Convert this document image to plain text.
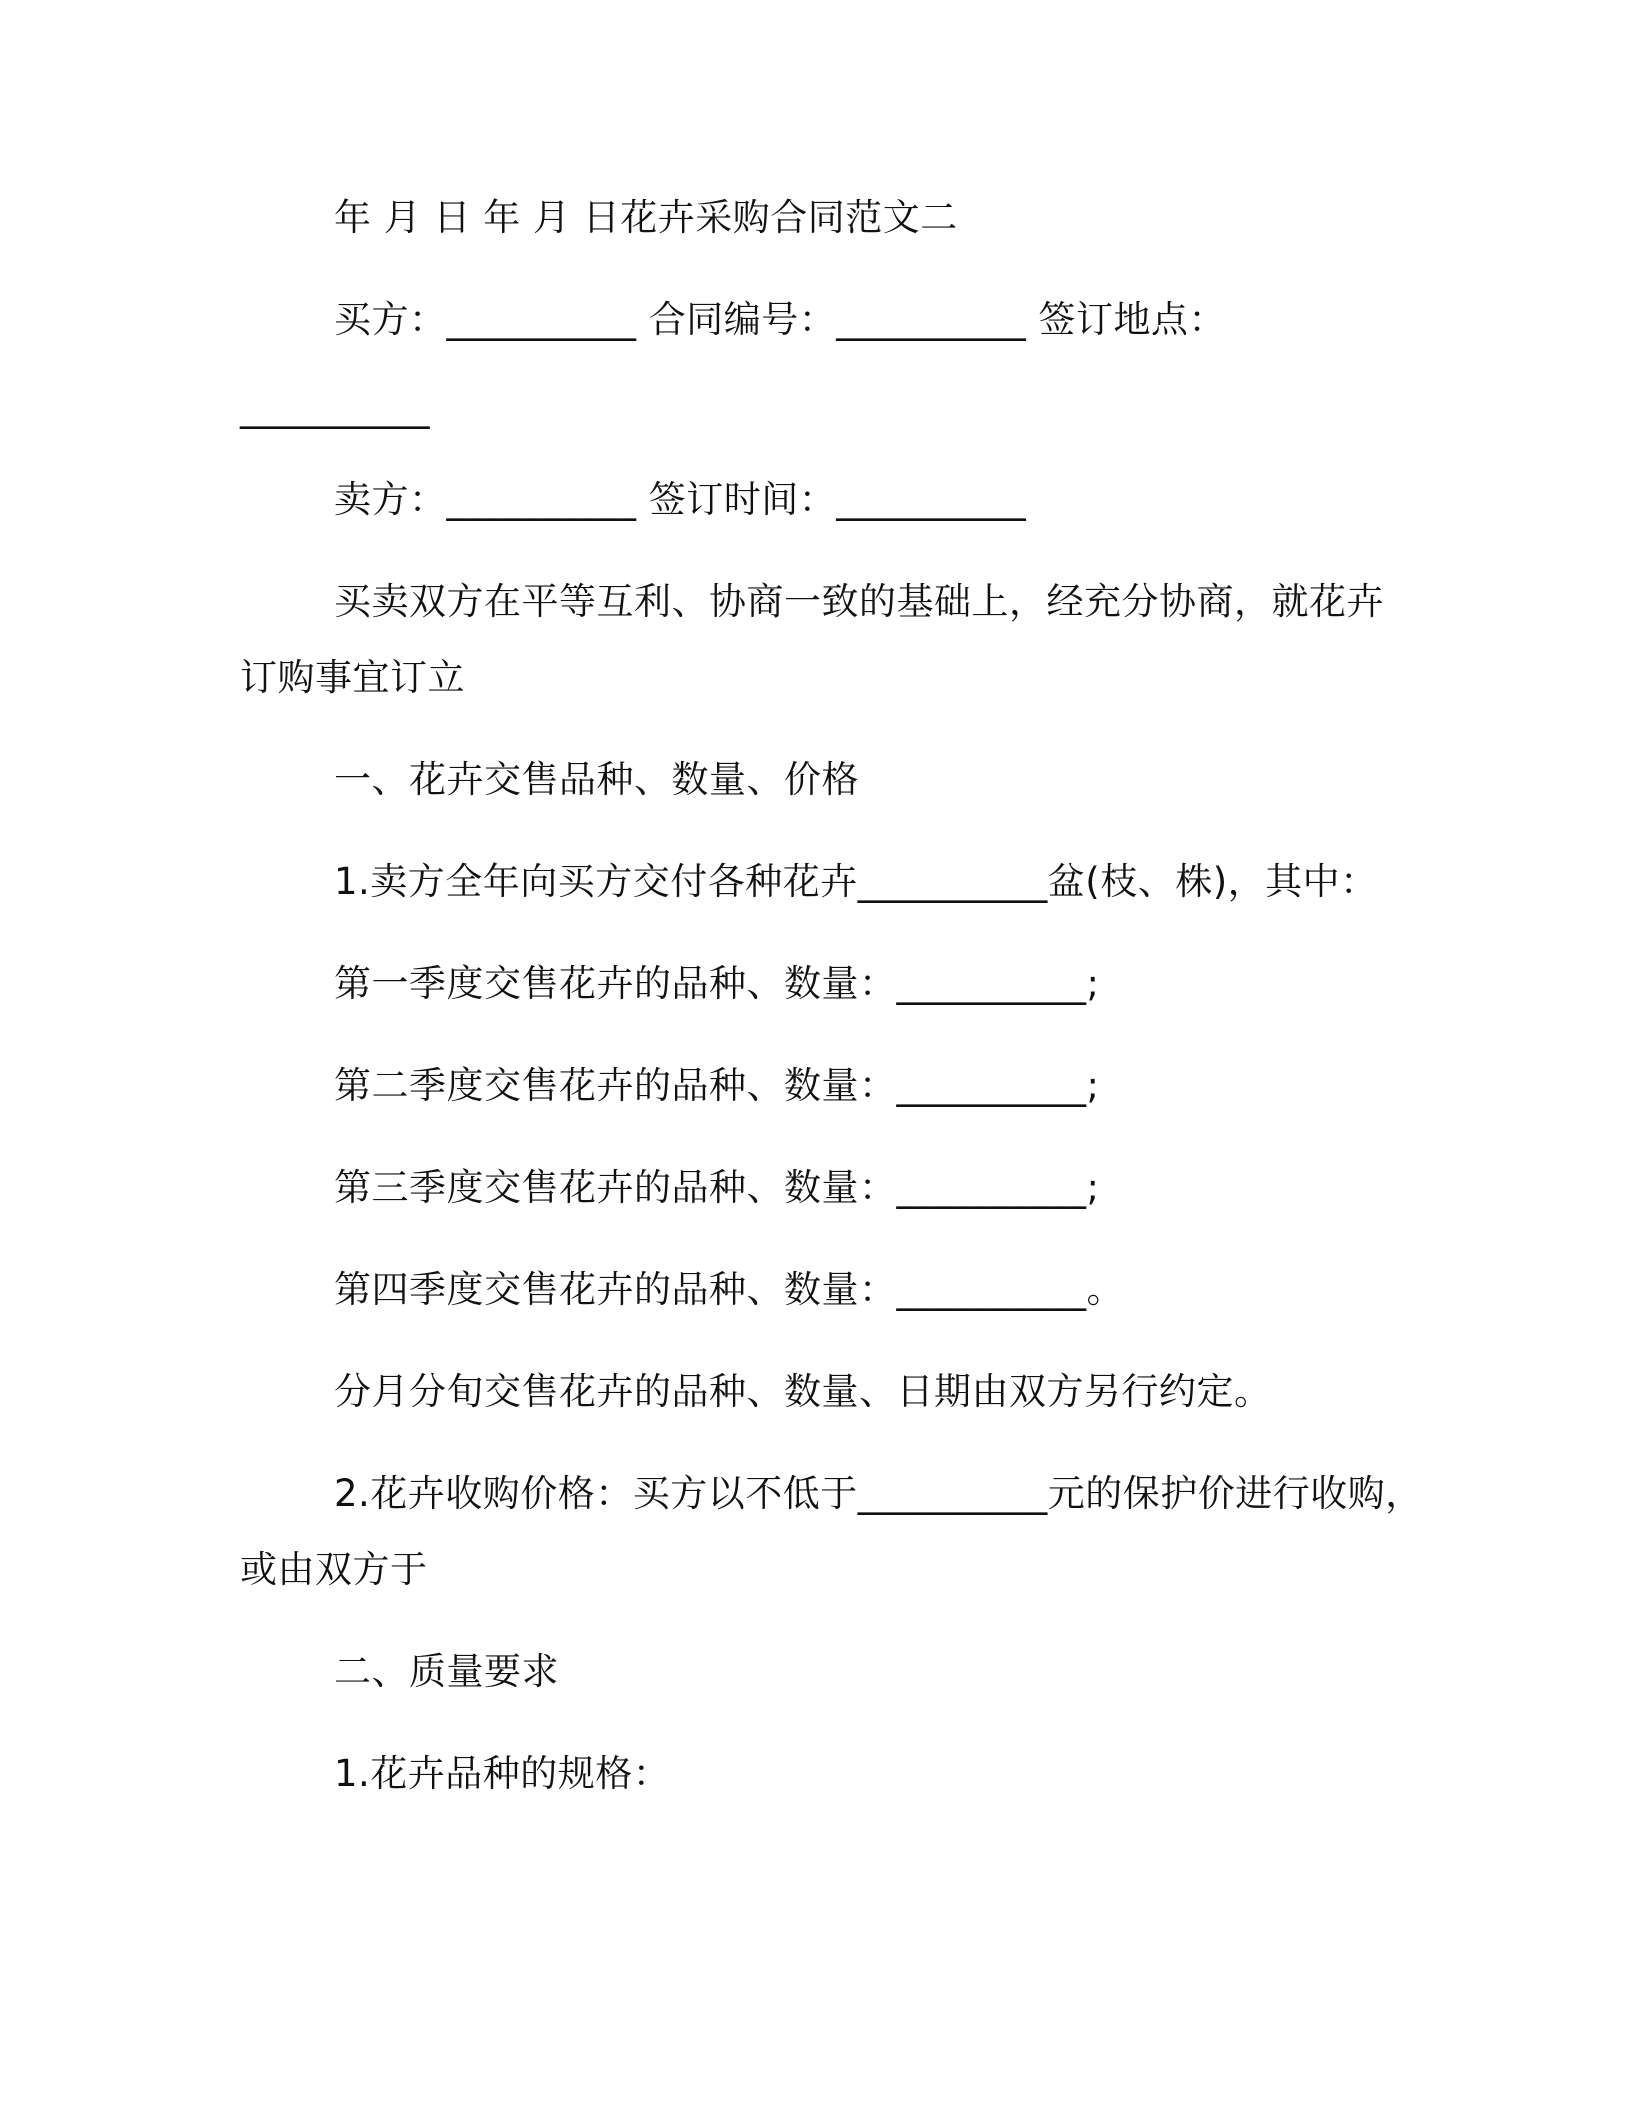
年 月 日 年 月 日花卉采购合同范文二
买方：__________ 合同编号：__________ 签订地点：
__________
卖方：__________ 签订时间：__________
买卖双方在平等互利、协商一致的基础上，经充分协商，就花卉
订购事宜订立
一、花卉交售品种、数量、价格
1.卖方全年向买方交付各种花卉__________盆(枝、株)，其中：
第一季度交售花卉的品种、数量：__________;
第二季度交售花卉的品种、数量：__________;
第三季度交售花卉的品种、数量：__________;
第四季度交售花卉的品种、数量：__________。
分月分旬交售花卉的品种、数量、日期由双方另行约定。
2.花卉收购价格：买方以不低于__________元的保护价进行收购，
或由双方于
二、质量要求
1.花卉品种的规格：
